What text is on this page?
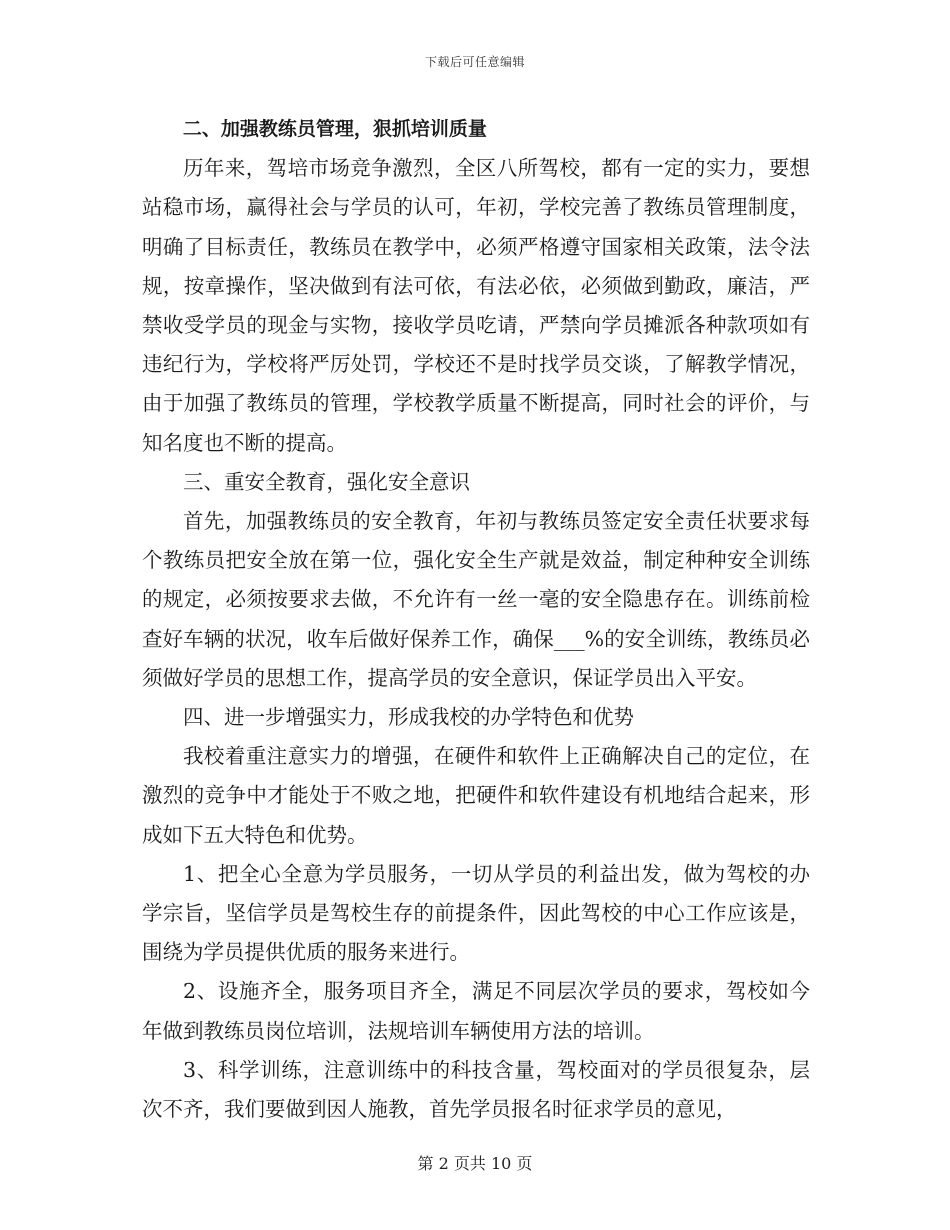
下载后可任意编辑

二、加强教练员管理，狠抓培训质量

历年来，驾培市场竞争激烈，全区八所驾校，都有一定的实力，要想站稳市场，赢得社会与学员的认可，年初，学校完善了教练员管理制度，明确了目标责任，教练员在教学中，必须严格遵守国家相关政策，法令法规，按章操作，坚决做到有法可依，有法必依，必须做到勤政，廉洁，严禁收受学员的现金与实物，接收学员吃请，严禁向学员摊派各种款项如有违纪行为，学校将严厉处罚，学校还不是时找学员交谈，了解教学情况，由于加强了教练员的管理，学校教学质量不断提高，同时社会的评价，与知名度也不断的提高。

三、重安全教育，强化安全意识

首先，加强教练员的安全教育，年初与教练员签定安全责任状要求每个教练员把安全放在第一位，强化安全生产就是效益，制定种种安全训练的规定，必须按要求去做，不允许有一丝一毫的安全隐患存在。训练前检查好车辆的状况，收车后做好保养工作，确保___%的安全训练，教练员必须做好学员的思想工作，提高学员的安全意识，保证学员出入平安。

四、进一步增强实力，形成我校的办学特色和优势

我校着重注意实力的增强，在硬件和软件上正确解决自己的定位，在激烈的竞争中才能处于不败之地，把硬件和软件建设有机地结合起来，形成如下五大特色和优势。

1、把全心全意为学员服务，一切从学员的利益出发，做为驾校的办学宗旨，坚信学员是驾校生存的前提条件，因此驾校的中心工作应该是，围绕为学员提供优质的服务来进行。

2、设施齐全，服务项目齐全，满足不同层次学员的要求，驾校如今年做到教练员岗位培训，法规培训车辆使用方法的培训。

3、科学训练，注意训练中的科技含量，驾校面对的学员很复杂，层次不齐，我们要做到因人施教，首先学员报名时征求学员的意见，

第 2 页共 10 页
